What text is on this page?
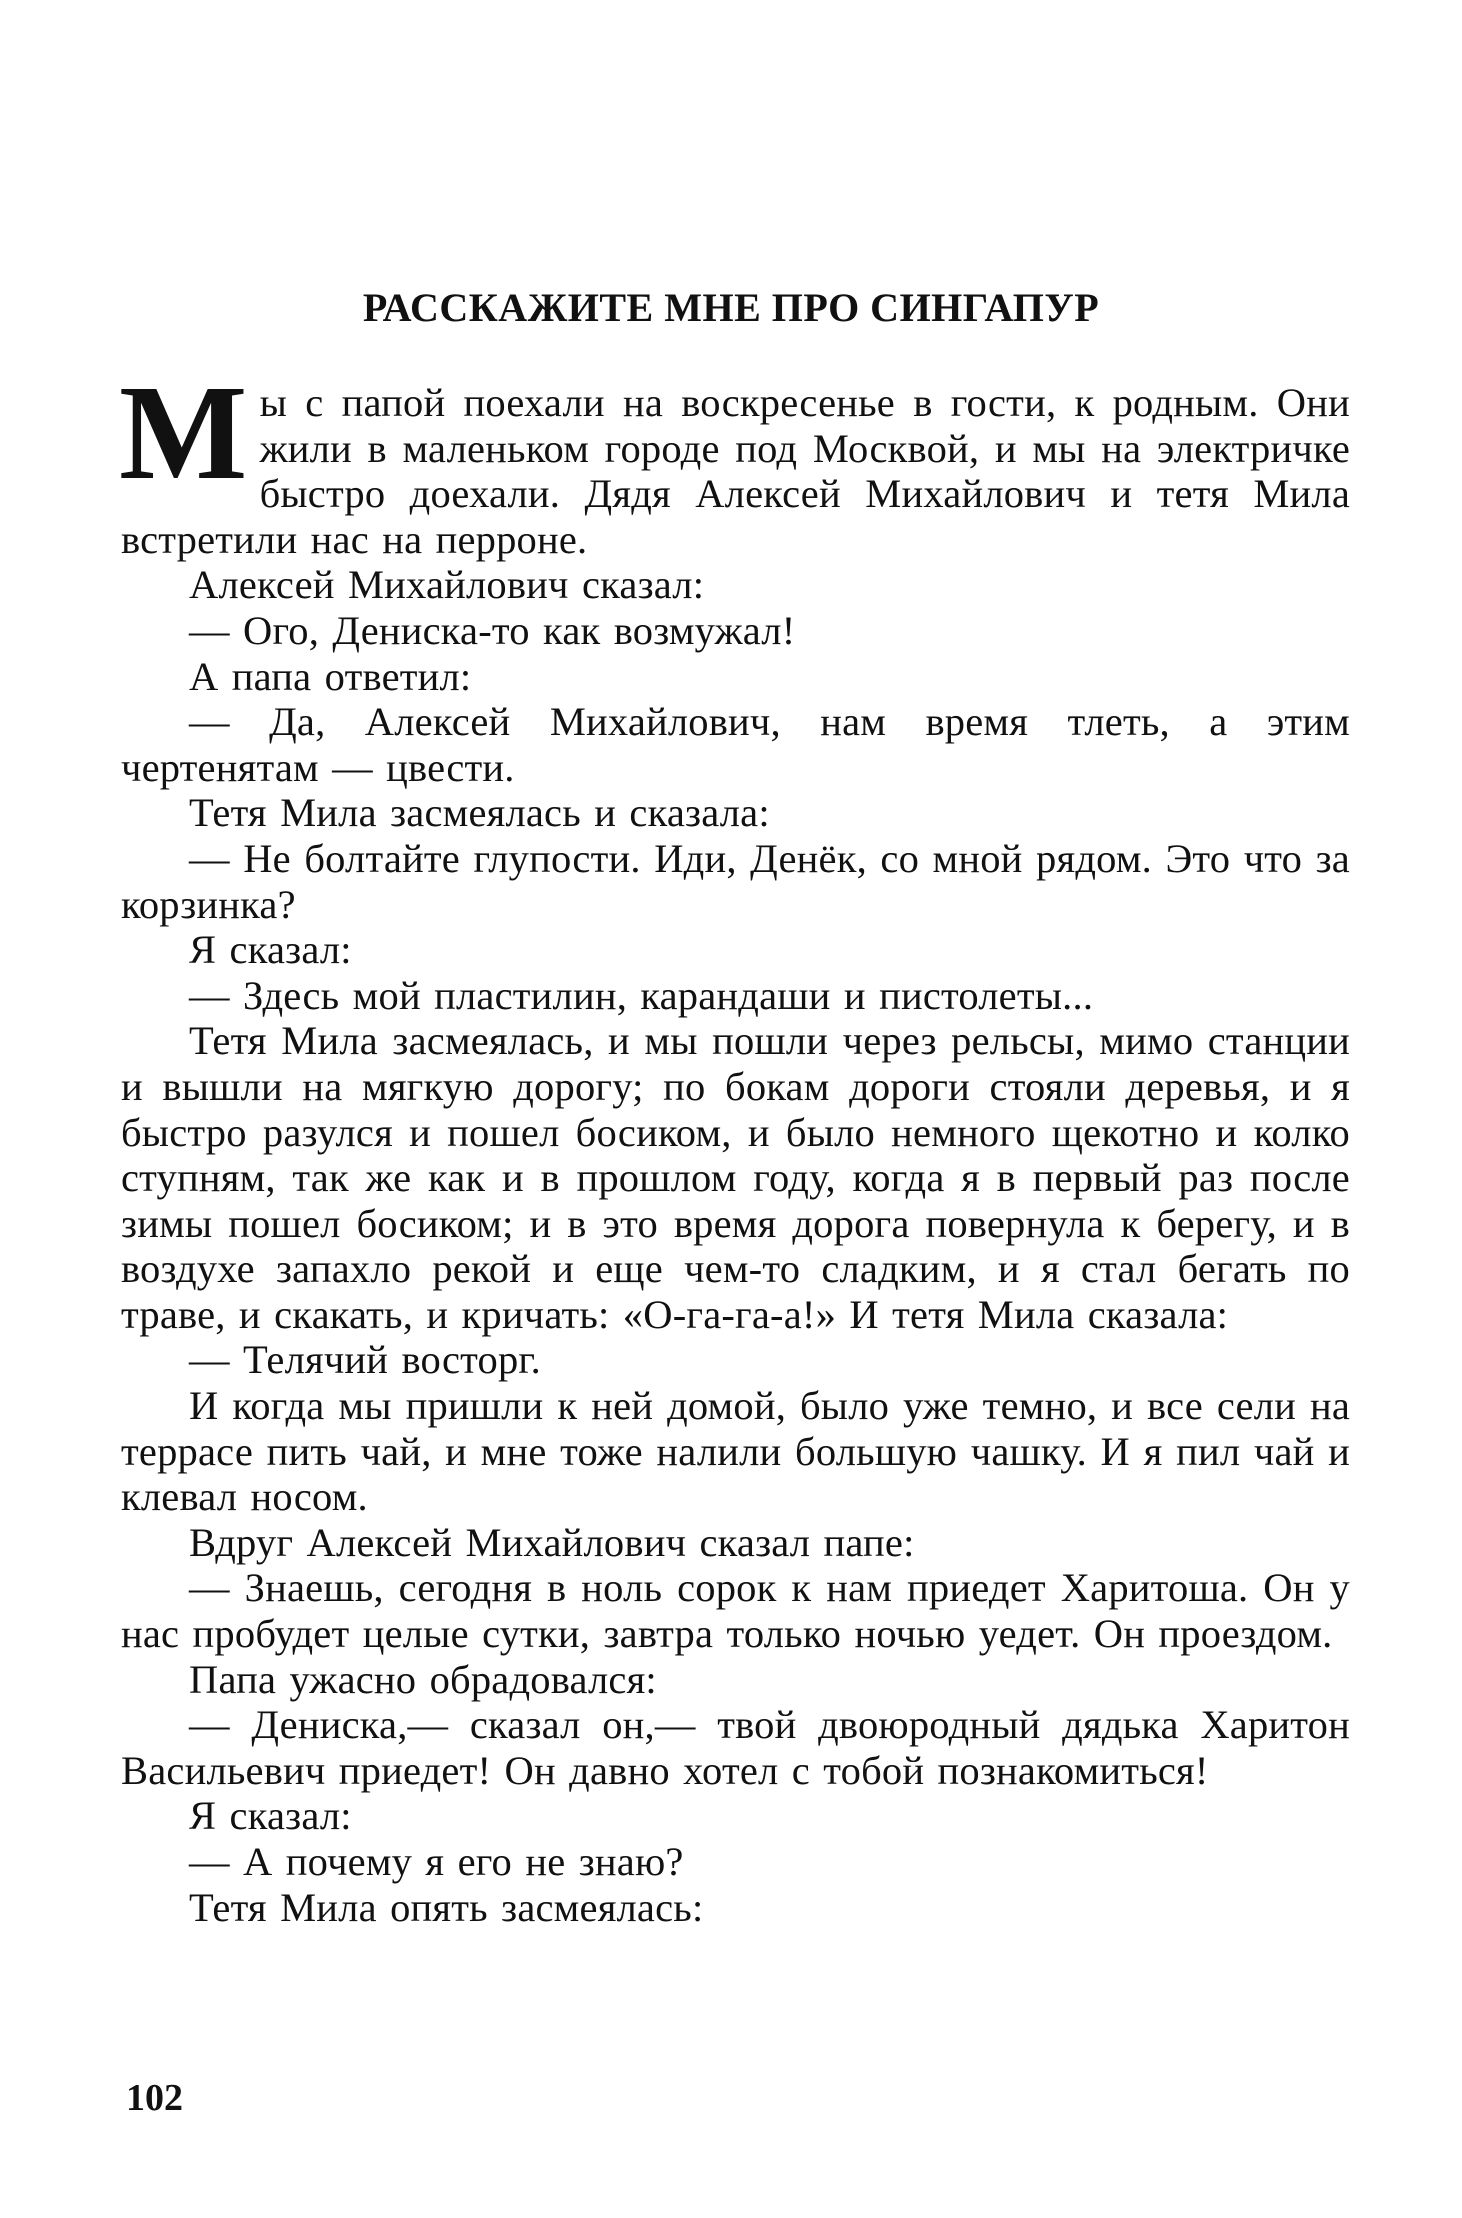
РАССКАЖИТЕ МНЕ ПРО СИНГАПУР

Мы с папой поехали на воскресенье в гости, к родным. Они жили в маленьком городе под Москвой, и мы на электричке быстро доехали. Дядя Алексей Михайлович и тетя Мила встретили нас на перроне.

Алексей Михайлович сказал:

— Ого, Дениска-то как возмужал!

А папа ответил:

— Да, Алексей Михайлович, нам время тлеть, а этим чертенятам — цвести.

Тетя Мила засмеялась и сказала:

— Не болтайте глупости. Иди, Денёк, со мной рядом. Это что за корзинка?

Я сказал:

— Здесь мой пластилин, карандаши и пистолеты...

Тетя Мила засмеялась, и мы пошли через рельсы, мимо станции и вышли на мягкую дорогу; по бокам дороги стояли деревья, и я быстро разулся и пошел босиком, и было немного щекотно и колко ступням, так же как и в прошлом году, когда я в первый раз после зимы пошел босиком; и в это время дорога повернула к берегу, и в воздухе запахло рекой и еще чем-то сладким, и я стал бегать по траве, и скакать, и кричать: «О-га-га-а!» И тетя Мила сказала:

— Телячий восторг.

И когда мы пришли к ней домой, было уже темно, и все сели на террасе пить чай, и мне тоже налили большую чашку. И я пил чай и клевал носом.

Вдруг Алексей Михайлович сказал папе:

— Знаешь, сегодня в ноль сорок к нам приедет Харитоша. Он у нас пробудет целые сутки, завтра только ночью уедет. Он проездом.

Папа ужасно обрадовался:

— Дениска,— сказал он,— твой двоюродный дядька Харитон Васильевич приедет! Он давно хотел с тобой познакомиться!

Я сказал:

— А почему я его не знаю?

Тетя Мила опять засмеялась:

102
